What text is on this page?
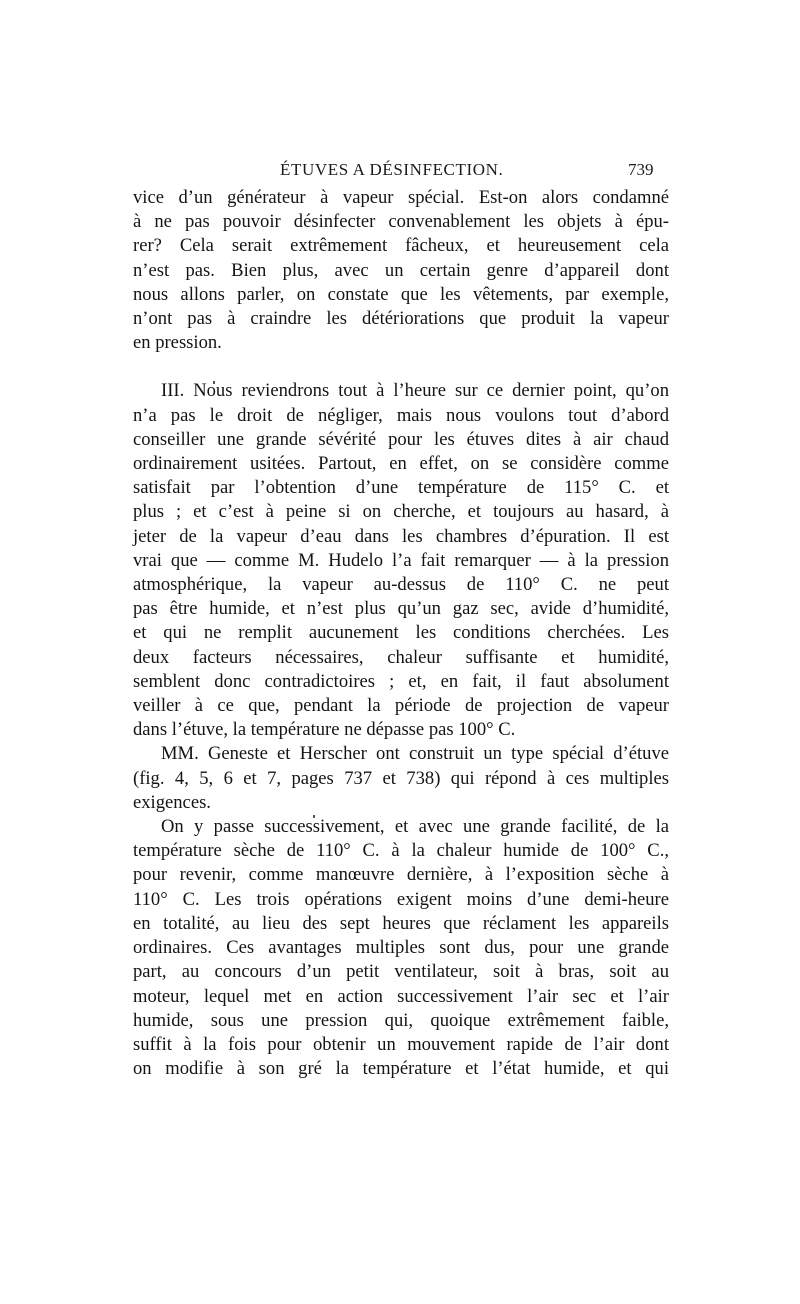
ÉTUVES A DÉSINFECTION.	739

vice d’un générateur à vapeur spécial. Est-on alors condamné
à ne pas pouvoir désinfecter convenablement les objets à épu-
rer? Cela serait extrêmement fâcheux, et heureusement cela
n’est pas. Bien plus, avec un certain genre d’appareil dont
nous allons parler, on constate que les vêtements, par exemple,
n’ont pas à craindre les détériorations que produit la vapeur
en pression.

III. Nous reviendrons tout à l’heure sur ce dernier point, qu’on
n’a pas le droit de négliger, mais nous voulons tout d’abord
conseiller une grande sévérité pour les étuves dites à air chaud
ordinairement usitées. Partout, en effet, on se considère comme
satisfait par l’obtention d’une température de 115° C. et
plus ; et c’est à peine si on cherche, et toujours au hasard, à
jeter de la vapeur d’eau dans les chambres d’épuration. Il est
vrai que — comme M. Hudelo l’a fait remarquer — à la pression
atmosphérique, la vapeur au-dessus de 110° C. ne peut
pas être humide, et n’est plus qu’un gaz sec, avide d’humidité,
et qui ne remplit aucunement les conditions cherchées. Les
deux facteurs nécessaires, chaleur suffisante et humidité,
semblent donc contradictoires ; et, en fait, il faut absolument
veiller à ce que, pendant la période de projection de vapeur
dans l’étuve, la température ne dépasse pas 100° C.

MM. Geneste et Herscher ont construit un type spécial d’étuve
(fig. 4, 5, 6 et 7, pages 737 et 738) qui répond à ces multiples
exigences.

On y passe successivement, et avec une grande facilité, de la
température sèche de 110° C. à la chaleur humide de 100° C.,
pour revenir, comme manœuvre dernière, à l’exposition sèche à
110° C. Les trois opérations exigent moins d’une demi-heure
en totalité, au lieu des sept heures que réclament les appareils
ordinaires. Ces avantages multiples sont dus, pour une grande
part, au concours d’un petit ventilateur, soit à bras, soit au
moteur, lequel met en action successivement l’air sec et l’air
humide, sous une pression qui, quoique extrêmement faible,
suffit à la fois pour obtenir un mouvement rapide de l’air dont
on modifie à son gré la température et l’état humide, et qui
